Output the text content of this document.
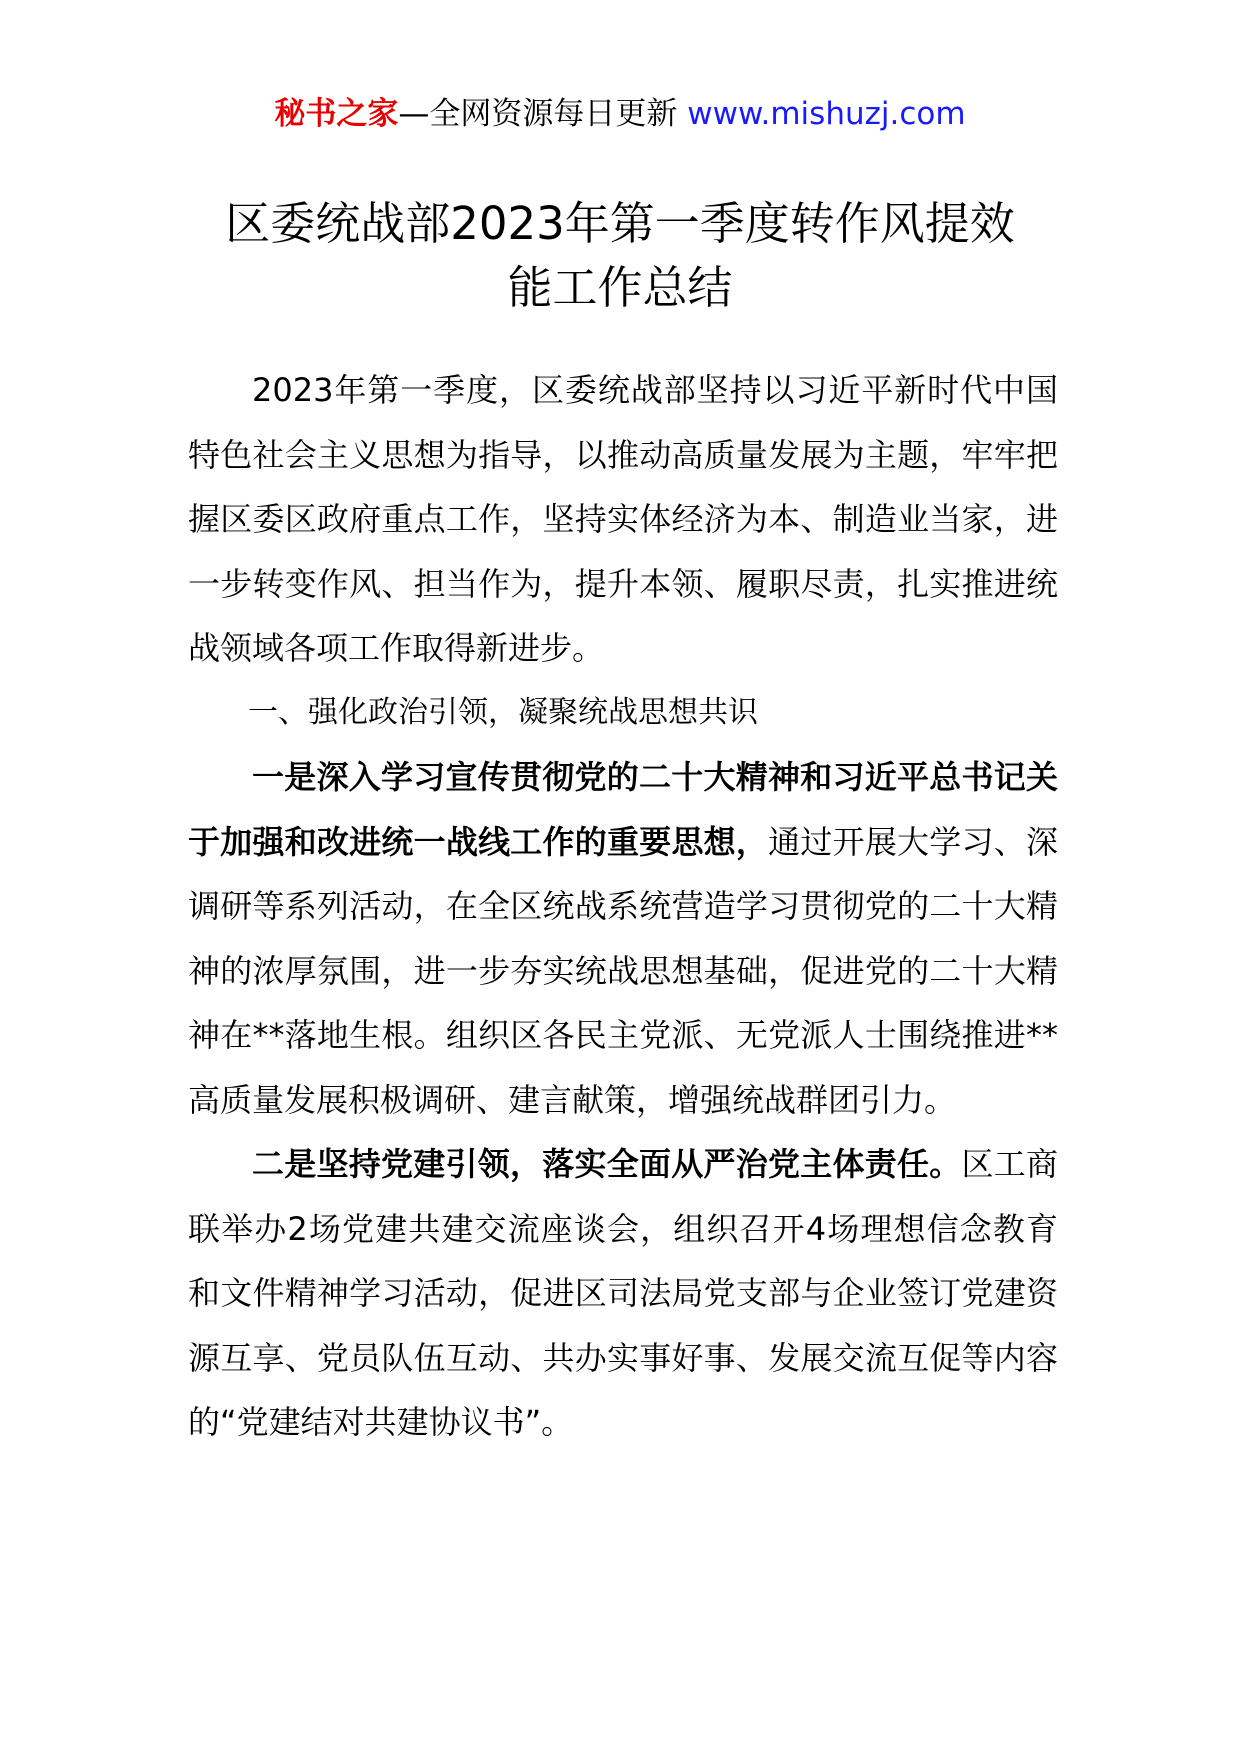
秘书之家—全网资源每日更新 www.mishuzj.com
区委统战部2023年第一季度转作风提效
能工作总结

2023年第一季度，区委统战部坚持以习近平新时代中国特色社会主义思想为指导，以推动高质量发展为主题，牢牢把握区委区政府重点工作，坚持实体经济为本、制造业当家，进一步转变作风、担当作为，提升本领、履职尽责，扎实推进统战领域各项工作取得新进步。

一、强化政治引领，凝聚统战思想共识

一是深入学习宣传贯彻党的二十大精神和习近平总书记关于加强和改进统一战线工作的重要思想，通过开展大学习、深调研等系列活动，在全区统战系统营造学习贯彻党的二十大精神的浓厚氛围，进一步夯实统战思想基础，促进党的二十大精神在**落地生根。组织区各民主党派、无党派人士围绕推进**高质量发展积极调研、建言献策，增强统战群团引力。

二是坚持党建引领，落实全面从严治党主体责任。区工商联举办2场党建共建交流座谈会，组织召开4场理想信念教育和文件精神学习活动，促进区司法局党支部与企业签订党建资源互享、党员队伍互动、共办实事好事、发展交流互促等内容的“党建结对共建协议书”。
